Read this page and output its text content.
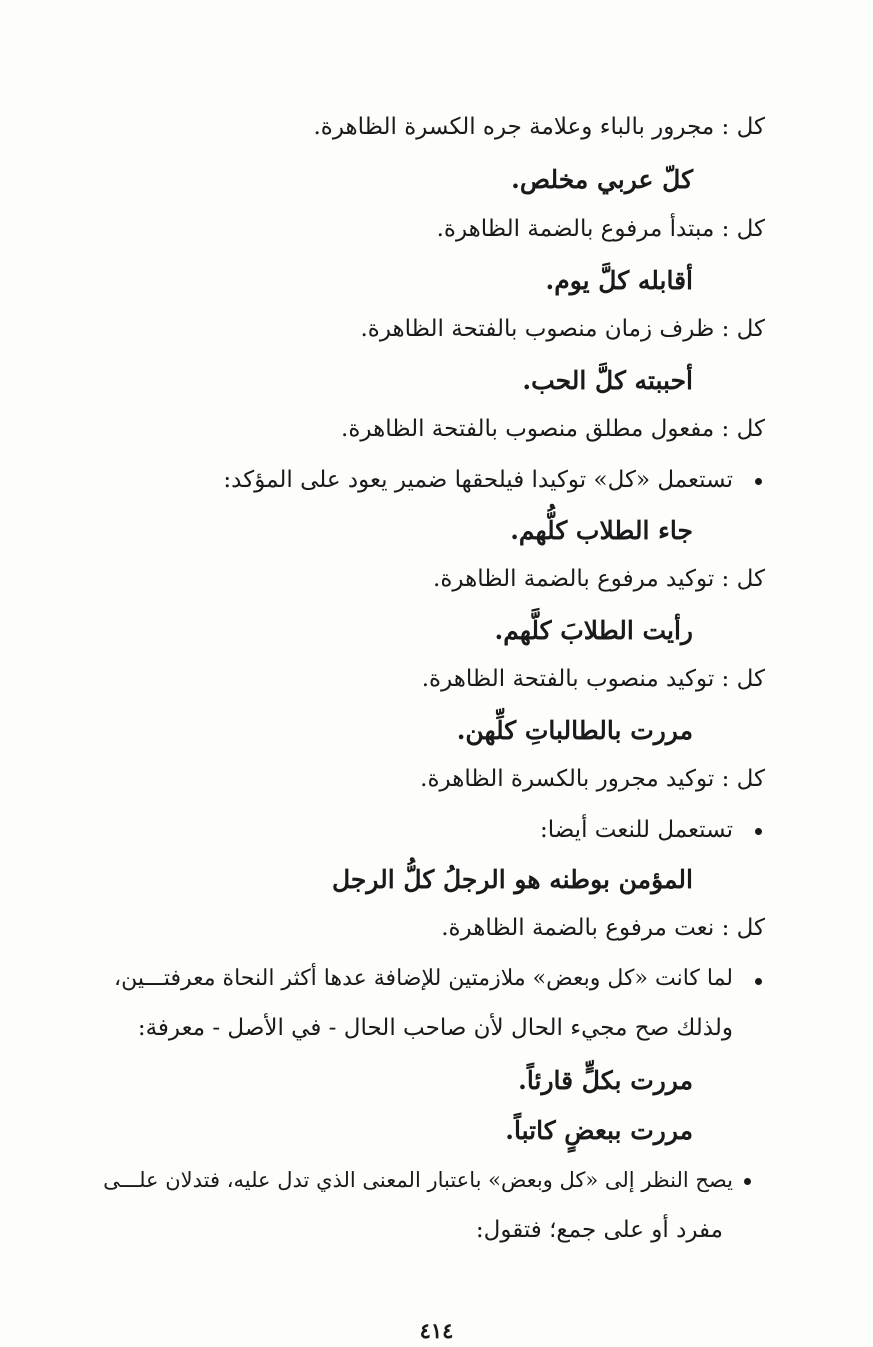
كل : مجرور بالباء وعلامة جره الكسرة الظاهرة.
كلّ عربي مخلص.
كل : مبتدأ مرفوع بالضمة الظاهرة.
أقابله كلَّ يوم.
كل : ظرف زمان منصوب بالفتحة الظاهرة.
أحببته كلَّ الحب.
كل : مفعول مطلق منصوب بالفتحة الظاهرة.
تستعمل «كل» توكيدا فيلحقها ضمير يعود على المؤكد:
جاء الطلاب كلُّهم.
كل : توكيد مرفوع بالضمة الظاهرة.
رأيت الطلابَ كلَّهم.
كل : توكيد منصوب بالفتحة الظاهرة.
مررت بالطالباتِ كلِّهن.
كل : توكيد مجرور بالكسرة الظاهرة.
تستعمل للنعت أيضا:
المؤمن بوطنه هو الرجلُ كلُّ الرجل
كل : نعت مرفوع بالضمة الظاهرة.
لما كانت «كل وبعض» ملازمتين للإضافة عدها أكثر النحاة معرفتـــين،
ولذلك صح مجيء الحال لأن صاحب الحال - في الأصل - معرفة:
مررت بكلٍّ قارئاً.
مررت ببعضٍ كاتباً.
يصح النظر إلى «كل وبعض» باعتبار المعنى الذي تدل عليه، فتدلان علـــى
مفرد أو على جمع؛ فتقول:
٤١٤
